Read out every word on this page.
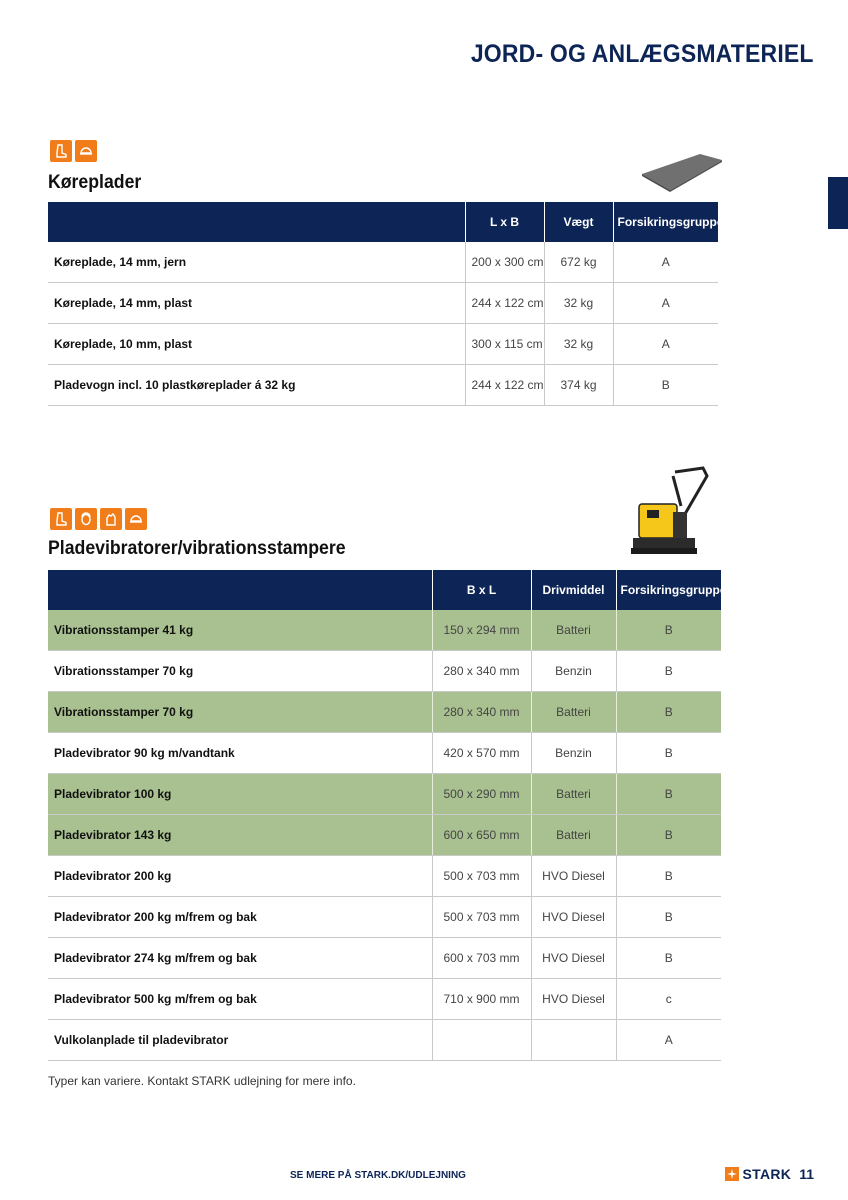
JORD- OG ANLÆGSMATERIEL
Køreplader
	L x B	Vægt	Forsikringsgruppe
Køreplade, 14 mm, jern	200 x 300 cm	672 kg	A
Køreplade, 14 mm, plast	244 x 122 cm	32 kg	A
Køreplade, 10 mm, plast	300 x 115 cm	32 kg	A
Pladevogn incl. 10 plastkøreplader á 32 kg	244 x 122 cm	374 kg	B
Pladevibratorer/vibrationsstampere
	B x L	Drivmiddel	Forsikringsgruppe
Vibrationsstamper 41 kg	150 x 294 mm	Batteri	B
Vibrationsstamper 70 kg	280 x 340 mm	Benzin	B
Vibrationsstamper 70 kg	280 x 340 mm	Batteri	B
Pladevibrator 90 kg m/vandtank	420 x 570 mm	Benzin	B
Pladevibrator 100 kg	500 x 290 mm	Batteri	B
Pladevibrator 143 kg	600 x 650 mm	Batteri	B
Pladevibrator 200 kg	500 x 703 mm	HVO Diesel	B
Pladevibrator 200 kg m/frem og bak	500 x 703 mm	HVO Diesel	B
Pladevibrator 274 kg m/frem og bak	600 x 703 mm	HVO Diesel	B
Pladevibrator 500 kg m/frem og bak	710 x 900 mm	HVO Diesel	c
Vulkolanplade til pladevibrator			A
Typer kan variere. Kontakt STARK udlejning for mere info.
SE MERE PÅ STARK.DK/UDLEJNING	STARK 11
